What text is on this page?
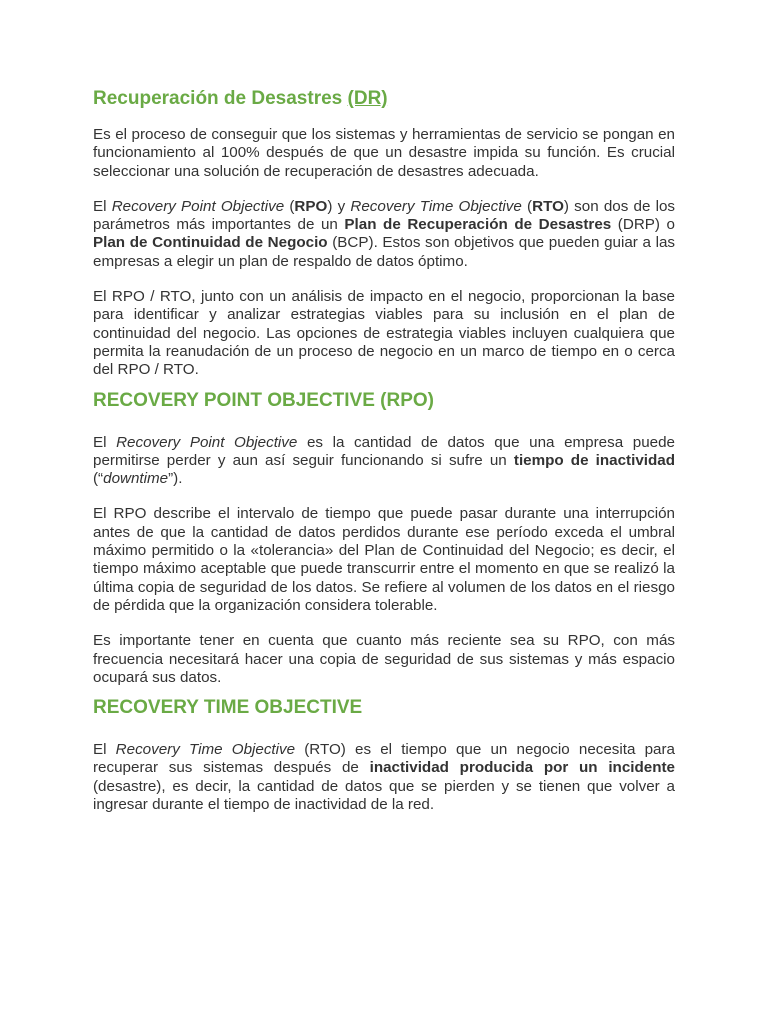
Recuperación de Desastres (DR)

Es el proceso de conseguir que los sistemas y herramientas de servicio se pongan en funcionamiento al 100% después de que un desastre impida su función. Es crucial seleccionar una solución de recuperación de desastres adecuada.

El Recovery Point Objective (RPO) y Recovery Time Objective (RTO) son dos de los parámetros más importantes de un Plan de Recuperación de Desastres (DRP) o Plan de Continuidad de Negocio (BCP). Estos son objetivos que pueden guiar a las empresas a elegir un plan de respaldo de datos óptimo.

El RPO / RTO, junto con un análisis de impacto en el negocio, proporcionan la base para identificar y analizar estrategias viables para su inclusión en el plan de continuidad del negocio. Las opciones de estrategia viables incluyen cualquiera que permita la reanudación de un proceso de negocio en un marco de tiempo en o cerca del RPO / RTO.

RECOVERY POINT OBJECTIVE (RPO)

El Recovery Point Objective es la cantidad de datos que una empresa puede permitirse perder y aun así seguir funcionando si sufre un tiempo de inactividad (“downtime”).

El RPO describe el intervalo de tiempo que puede pasar durante una interrupción antes de que la cantidad de datos perdidos durante ese período exceda el umbral máximo permitido o la «tolerancia» del Plan de Continuidad del Negocio; es decir, el tiempo máximo aceptable que puede transcurrir entre el momento en que se realizó la última copia de seguridad de los datos. Se refiere al volumen de los datos en el riesgo de pérdida que la organización considera tolerable.

Es importante tener en cuenta que cuanto más reciente sea su RPO, con más frecuencia necesitará hacer una copia de seguridad de sus sistemas y más espacio ocupará sus datos.

RECOVERY TIME OBJECTIVE

El Recovery Time Objective (RTO) es el tiempo que un negocio necesita para recuperar sus sistemas después de inactividad producida por un incidente (desastre), es decir, la cantidad de datos que se pierden y se tienen que volver a ingresar durante el tiempo de inactividad de la red.
